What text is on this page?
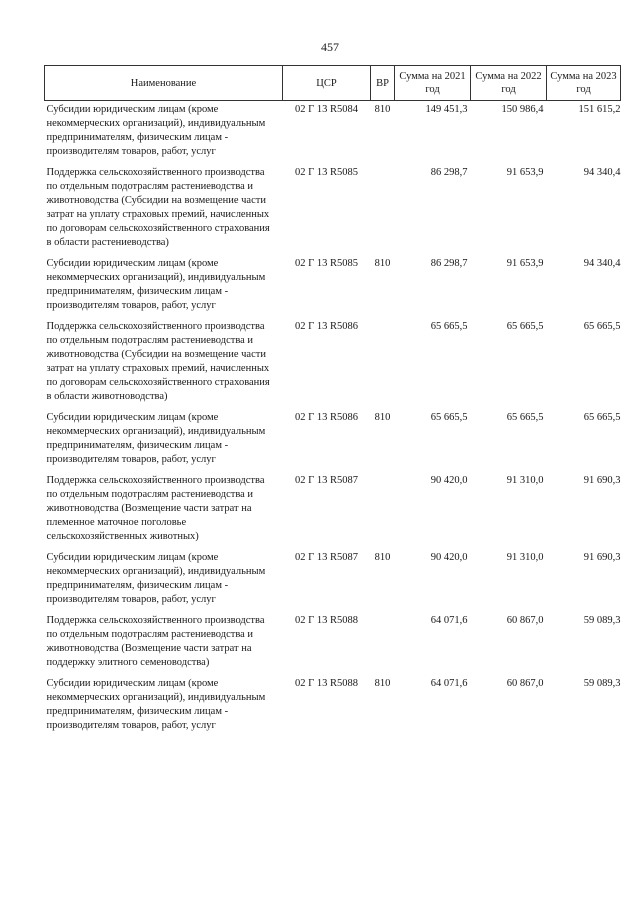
457
Наименование	ЦСР	ВР	Сумма на 2021 год	Сумма на 2022 год	Сумма на 2023 год
Субсидии юридическим лицам (кроме некоммерческих организаций), индивидуальным предпринимателям, физическим лицам - производителям товаров, работ, услуг	02 Г 13 R5084	810	149 451,3	150 986,4	151 615,2
Поддержка сельскохозяйственного производства по отдельным подотраслям растениеводства и животноводства (Субсидии на возмещение части затрат на уплату страховых премий, начисленных по договорам сельскохозяйственного страхования в области растениеводства)	02 Г 13 R5085		86 298,7	91 653,9	94 340,4
Субсидии юридическим лицам (кроме некоммерческих организаций), индивидуальным предпринимателям, физическим лицам - производителям товаров, работ, услуг	02 Г 13 R5085	810	86 298,7	91 653,9	94 340,4
Поддержка сельскохозяйственного производства по отдельным подотраслям растениеводства и животноводства (Субсидии на возмещение части затрат на уплату страховых премий, начисленных по договорам сельскохозяйственного страхования в области животноводства)	02 Г 13 R5086		65 665,5	65 665,5	65 665,5
Субсидии юридическим лицам (кроме некоммерческих организаций), индивидуальным предпринимателям, физическим лицам - производителям товаров, работ, услуг	02 Г 13 R5086	810	65 665,5	65 665,5	65 665,5
Поддержка сельскохозяйственного производства по отдельным подотраслям растениеводства и животноводства (Возмещение части затрат на племенное маточное поголовье сельскохозяйственных животных)	02 Г 13 R5087		90 420,0	91 310,0	91 690,3
Субсидии юридическим лицам (кроме некоммерческих организаций), индивидуальным предпринимателям, физическим лицам - производителям товаров, работ, услуг	02 Г 13 R5087	810	90 420,0	91 310,0	91 690,3
Поддержка сельскохозяйственного производства по отдельным подотраслям растениеводства и животноводства (Возмещение части затрат на поддержку элитного семеноводства)	02 Г 13 R5088		64 071,6	60 867,0	59 089,3
Субсидии юридическим лицам (кроме некоммерческих организаций), индивидуальным предпринимателям, физическим лицам - производителям товаров, работ, услуг	02 Г 13 R5088	810	64 071,6	60 867,0	59 089,3
